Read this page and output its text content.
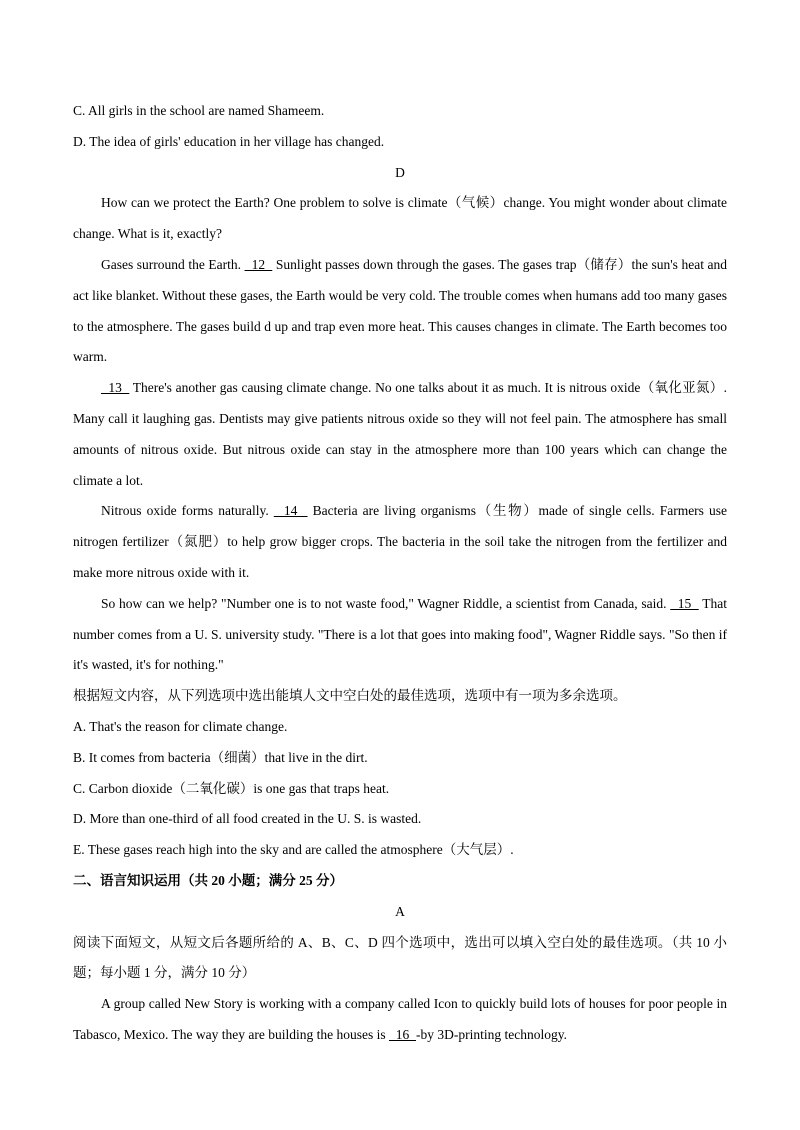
C. All girls in the school are named Shameem.

D. The idea of girls' education in her village has changed.

D

How can we protect the Earth? One problem to solve is climate（气候）change. You might wonder about climate change. What is it, exactly?

Gases surround the Earth.   12   Sunlight passes down through the gases. The gases trap（储存）the sun's heat and act like blanket. Without these gases, the Earth would be very cold. The trouble comes when humans add too many gases to the atmosphere. The gases build d up and trap even more heat. This causes changes in climate. The Earth becomes too warm.

13   There's another gas causing climate change. No one talks about it as much. It is nitrous oxide（氧化亚氮）. Many call it laughing gas. Dentists may give patients nitrous oxide so they will not feel pain. The atmosphere has small amounts of nitrous oxide. But nitrous oxide can stay in the atmosphere more than 100 years which can change the climate a lot.

Nitrous oxide forms naturally.   14   Bacteria are living organisms（生物）made of single cells. Farmers use nitrogen fertilizer（氮肥）to help grow bigger crops. The bacteria in the soil take the nitrogen from the fertilizer and make more nitrous oxide with it.

So how can we help? "Number one is to not waste food," Wagner Riddle, a scientist from Canada, said.   15   That number comes from a U. S. university study. "There is a lot that goes into making food", Wagner Riddle says. "So then if it's wasted, it's for nothing."

根据短文内容，从下列选项中选出能填人文中空白处的最佳选项，选项中有一项为多余选项。

A. That's the reason for climate change.

B. It comes from bacteria（细菌）that live in the dirt.

C. Carbon dioxide（二氧化碳）is one gas that traps heat.

D. More than one-third of all food created in the U. S. is wasted.

E. These gases reach high into the sky and are called the atmosphere（大气层）.

二、语言知识运用（共 20 小题；满分 25 分）

A

阅读下面短文，从短文后各题所给的 A、B、C、D 四个选项中，选出可以填入空白处的最佳选项。（共 10 小题；每小题 1 分，满分 10 分）

A group called New Story is working with a company called Icon to quickly build lots of houses for poor people in Tabasco, Mexico. The way they are building the houses is   16  -by 3D-printing technology.
